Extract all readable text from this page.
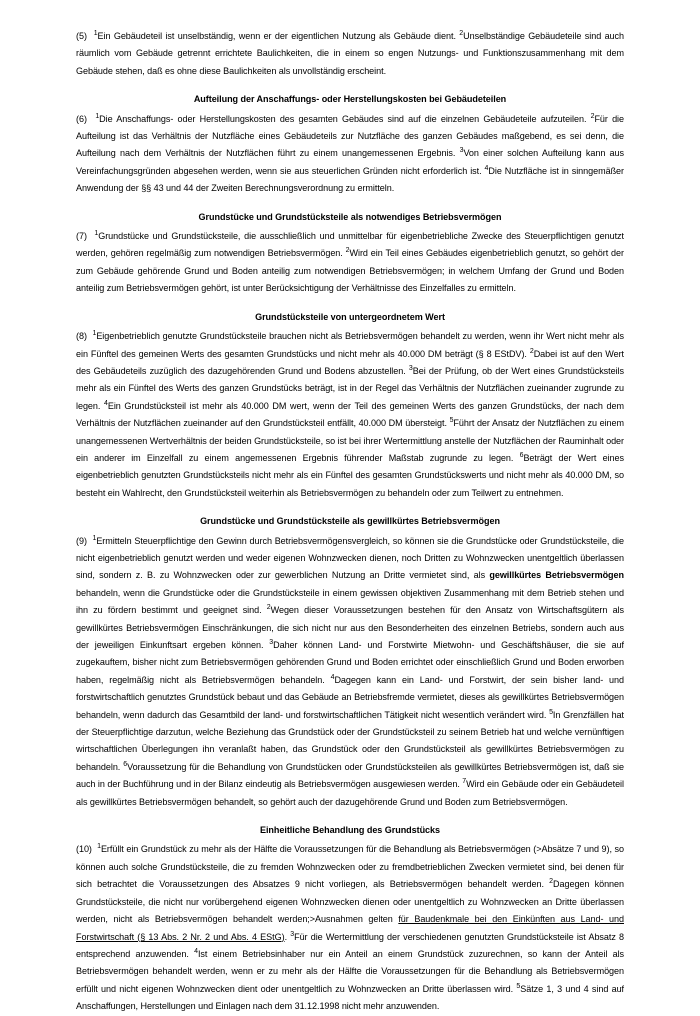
(5) $^1$Ein Gebäudeteil ist unselbständig, wenn er der eigentlichen Nutzung als Gebäude dient. $^2$Unselbständige Gebäudeteile sind auch räumlich vom Gebäude getrennt errichtete Baulichkeiten, die in einem so engen Nutzungs- und Funktionszusammenhang mit dem Gebäude stehen, daß es ohne diese Baulichkeiten als unvollständig erscheint.

Aufteilung der Anschaffungs- oder Herstellungskosten bei Gebäudeteilen

(6) $^1$Die Anschaffungs- oder Herstellungskosten des gesamten Gebäudes sind auf die einzelnen Gebäudeteile aufzuteilen. $^2$Für die Aufteilung ist das Verhältnis der Nutzfläche eines Gebäudeteils zur Nutzfläche des ganzen Gebäudes maßgebend, es sei denn, die Aufteilung nach dem Verhältnis der Nutzflächen führt zu einem unangemessenen Ergebnis. $^3$Von einer solchen Aufteilung kann aus Vereinfachungsgründen abgesehen werden, wenn sie aus steuerlichen Gründen nicht erforderlich ist. $^4$Die Nutzfläche ist in sinngemäßer Anwendung der §§ 43 und 44 der Zweiten Berechnungsverordnung zu ermitteln.

Grundstücke und Grundstücksteile als notwendiges Betriebsvermögen

(7) $^1$Grundstücke und Grundstücksteile, die ausschließlich und unmittelbar für eigenbetriebliche Zwecke des Steuerpflichtigen genutzt werden, gehören regelmäßig zum notwendigen Betriebsvermögen. $^2$Wird ein Teil eines Gebäudes eigenbetrieblich genutzt, so gehört der zum Gebäude gehörende Grund und Boden anteilig zum notwendigen Betriebsvermögen; in welchem Umfang der Grund und Boden anteilig zum Betriebsvermögen gehört, ist unter Berücksichtigung der Verhältnisse des Einzelfalles zu ermitteln.

Grundstücksteile von untergeordnetem Wert

(8) $^1$Eigenbetrieblich genutzte Grundstücksteile brauchen nicht als Betriebsvermögen behandelt zu werden, wenn ihr Wert nicht mehr als ein Fünftel des gemeinen Werts des gesamten Grundstücks und nicht mehr als 40.000 DM beträgt (§ 8 EStDV). $^2$Dabei ist auf den Wert des Gebäudeteils zuzüglich des dazugehörenden Grund und Bodens abzustellen. $^3$Bei der Prüfung, ob der Wert eines Grundstücksteils mehr als ein Fünftel des Werts des ganzen Grundstücks beträgt, ist in der Regel das Verhältnis der Nutzflächen zueinander zugrunde zu legen. $^4$Ein Grundstücksteil ist mehr als 40.000 DM wert, wenn der Teil des gemeinen Werts des ganzen Grundstücks, der nach dem Verhältnis der Nutzflächen zueinander auf den Grundstücksteil entfällt, 40.000 DM übersteigt. $^5$Führt der Ansatz der Nutzflächen zu einem unangemessenen Wertverhältnis der beiden Grundstücksteile, so ist bei ihrer Wertermittlung anstelle der Nutzflächen der Rauminhalt oder ein anderer im Einzelfall zu einem angemessenen Ergebnis führender Maßstab zugrunde zu legen. $^6$Beträgt der Wert eines eigenbetrieblich genutzten Grundstücksteils nicht mehr als ein Fünftel des gesamten Grundstückswerts und nicht mehr als 40.000 DM, so besteht ein Wahlrecht, den Grundstücksteil weiterhin als Betriebsvermögen zu behandeln oder zum Teilwert zu entnehmen.

Grundstücke und Grundstücksteile als gewillkürtes Betriebsvermögen

(9) $^1$Ermitteln Steuerpflichtige den Gewinn durch Betriebsvermögensvergleich, so können sie die Grundstücke oder Grundstücksteile, die nicht eigenbetrieblich genutzt werden und weder eigenen Wohnzwecken dienen, noch Dritten zu Wohnzwecken unentgeltlich überlassen sind, sondern z. B. zu Wohnzwecken oder zur gewerblichen Nutzung an Dritte vermietet sind, als gewillkürtes Betriebsvermögen behandeln, wenn die Grundstücke oder die Grundstücksteile in einem gewissen objektiven Zusammenhang mit dem Betrieb stehen und ihn zu fördern bestimmt und geeignet sind. $^2$Wegen dieser Voraussetzungen bestehen für den Ansatz von Wirtschaftsgütern als gewillkürtes Betriebsvermögen Einschränkungen, die sich nicht nur aus den Besonderheiten des einzelnen Betriebs, sondern auch aus der jeweiligen Einkunftsart ergeben können. $^3$Daher können Land- und Forstwirte Mietwohn- und Geschäftshäuser, die sie auf zugekauftem, bisher nicht zum Betriebsvermögen gehörenden Grund und Boden errichtet oder einschließlich Grund und Boden erworben haben, regelmäßig nicht als Betriebsvermögen behandeln. $^4$Dagegen kann ein Land- und Forstwirt, der sein bisher land- und forstwirtschaftlich genutztes Grundstück bebaut und das Gebäude an Betriebsfremde vermietet, dieses als gewillkürtes Betriebsvermögen behandeln, wenn dadurch das Gesamtbild der land- und forstwirtschaftlichen Tätigkeit nicht wesentlich verändert wird. $^5$In Grenzfällen hat der Steuerpflichtige darzutun, welche Beziehung das Grundstück oder der Grundstücksteil zu seinem Betrieb hat und welche vernünftigen wirtschaftlichen Überlegungen ihn veranlaßt haben, das Grundstück oder den Grundstücksteil als gewillkürtes Betriebsvermögen zu behandeln. $^6$Voraussetzung für die Behandlung von Grundstücken oder Grundstücksteilen als gewillkürtes Betriebsvermögen ist, daß sie auch in der Buchführung und in der Bilanz eindeutig als Betriebsvermögen ausgewiesen werden. $^7$Wird ein Gebäude oder ein Gebäudeteil als gewillkürtes Betriebsvermögen behandelt, so gehört auch der dazugehörende Grund und Boden zum Betriebsvermögen.

Einheitliche Behandlung des Grundstücks

(10) $^1$Erfüllt ein Grundstück zu mehr als der Hälfte die Voraussetzungen für die Behandlung als Betriebsvermögen (>Absätze 7 und 9), so können auch solche Grundstücksteile, die zu fremden Wohnzwecken oder zu fremdbetrieblichen Zwecken vermietet sind, bei denen für sich betrachtet die Voraussetzungen des Absatzes 9 nicht vorliegen, als Betriebsvermögen behandelt werden. $^2$Dagegen können Grundstücksteile, die nicht nur vorübergehend eigenen Wohnzwecken dienen oder unentgeltlich zu Wohnzwecken an Dritte überlassen werden, nicht als Betriebsvermögen behandelt werden;>Ausnahmen gelten für Baudenkmale bei den Einkünften aus Land- und Forstwirtschaft (§ 13 Abs. 2 Nr. 2 und Abs. 4 EStG). $^3$Für die Wertermittlung der verschiedenen genutzten Grundstücksteile ist Absatz 8 entsprechend anzuwenden. $^4$Ist einem Betriebsinhaber nur ein Anteil an einem Grundstück zuzurechnen, so kann der Anteil als Betriebsvermögen behandelt werden, wenn er zu mehr als der Hälfte die Voraussetzungen für die Behandlung als Betriebsvermögen erfüllt und nicht eigenen Wohnzwecken dient oder unentgeltlich zu Wohnzwecken an Dritte überlassen wird. $^5$Sätze 1, 3 und 4 sind auf Anschaffungen, Herstellungen und Einlagen nach dem 31.12.1998 nicht mehr anzuwenden.
